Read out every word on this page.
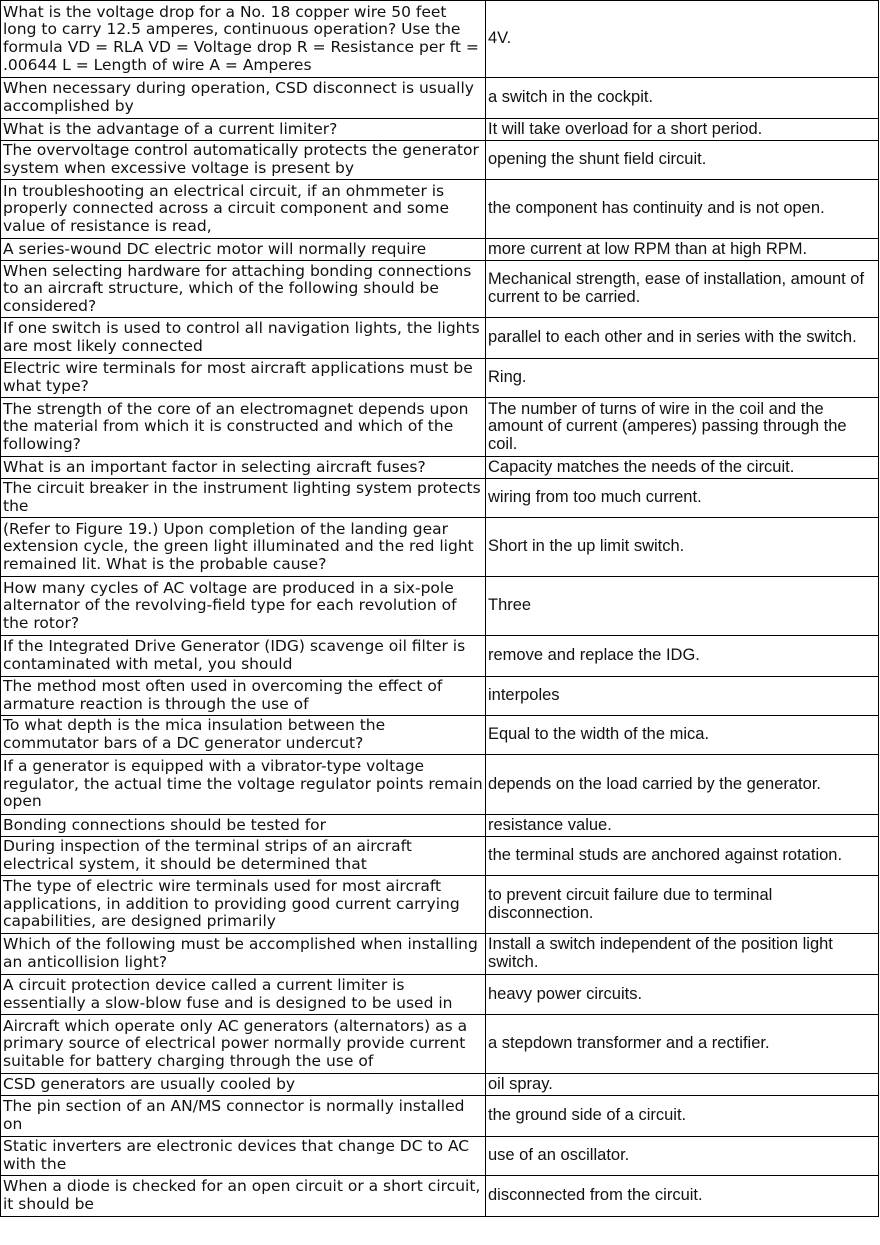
What is the voltage drop for a No. 18 copper wire 50 feet long to carry 12.5 amperes, continuous operation? Use the formula VD = RLA VD = Voltage drop R = Resistance per ft = .00644 L = Length of wire A = Amperes	4V.
When necessary during operation, CSD disconnect is usually accomplished by	a switch in the cockpit.
What is the advantage of a current limiter?	It will take overload for a short period.
The overvoltage control automatically protects the generator system when excessive voltage is present by	opening the shunt field circuit.
In troubleshooting an electrical circuit, if an ohmmeter is properly connected across a circuit component and some value of resistance is read,	the component has continuity and is not open.
A series-wound DC electric motor will normally require	more current at low RPM than at high RPM.
When selecting hardware for attaching bonding connections to an aircraft structure, which of the following should be considered?	Mechanical strength, ease of installation, amount of current to be carried.
If one switch is used to control all navigation lights, the lights are most likely connected	parallel to each other and in series with the switch.
Electric wire terminals for most aircraft applications must be what type?	Ring.
The strength of the core of an electromagnet depends upon the material from which it is constructed and which of the following?	The number of turns of wire in the coil and the amount of current (amperes) passing through the coil.
What is an important factor in selecting aircraft fuses?	Capacity matches the needs of the circuit.
The circuit breaker in the instrument lighting system protects the	wiring from too much current.
(Refer to Figure 19.) Upon completion of the landing gear extension cycle, the green light illuminated and the red light remained lit. What is the probable cause?	Short in the up limit switch.
How many cycles of AC voltage are produced in a six-pole alternator of the revolving-field type for each revolution of the rotor?	Three
If the Integrated Drive Generator (IDG) scavenge oil filter is contaminated with metal, you should	remove and replace the IDG.
The method most often used in overcoming the effect of armature reaction is through the use of	interpoles
To what depth is the mica insulation between the commutator bars of a DC generator undercut?	Equal to the width of the mica.
If a generator is equipped with a vibrator-type voltage regulator, the actual time the voltage regulator points remain open	depends on the load carried by the generator.
Bonding connections should be tested for	resistance value.
During inspection of the terminal strips of an aircraft electrical system, it should be determined that	the terminal studs are anchored against rotation.
The type of electric wire terminals used for most aircraft applications, in addition to providing good current carrying capabilities, are designed primarily	to prevent circuit failure due to terminal disconnection.
Which of the following must be accomplished when installing an anticollision light?	Install a switch independent of the position light switch.
A circuit protection device called a current limiter is essentially a slow-blow fuse and is designed to be used in	heavy power circuits.
Aircraft which operate only AC generators (alternators) as a primary source of electrical power normally provide current suitable for battery charging through the use of	a stepdown transformer and a rectifier.
CSD generators are usually cooled by	oil spray.
The pin section of an AN/MS connector is normally installed on	the ground side of a circuit.
Static inverters are electronic devices that change DC to AC with the	use of an oscillator.
When a diode is checked for an open circuit or a short circuit, it should be	disconnected from the circuit.
